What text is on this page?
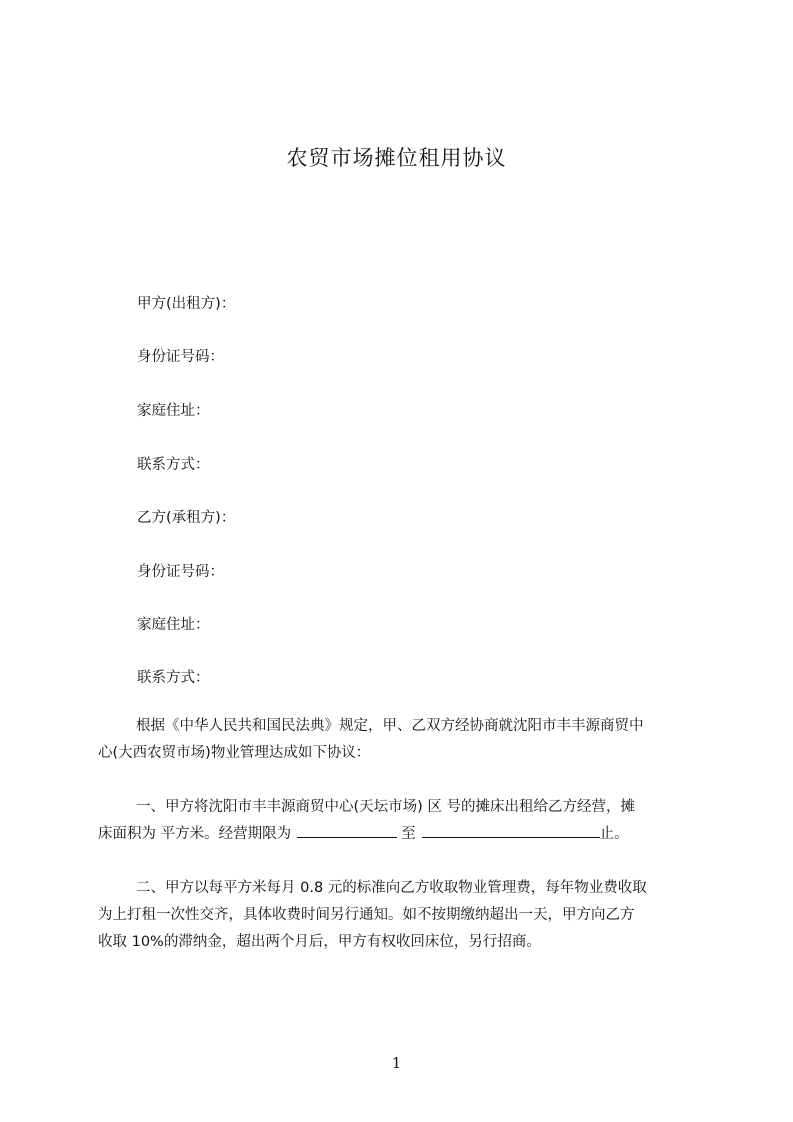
农贸市场摊位租用协议
甲方(出租方)：
身份证号码：
家庭住址：
联系方式：
乙方(承租方)：
身份证号码：
家庭住址：
联系方式：

根据《中华人民共和国民法典》规定，甲、乙双方经协商就沈阳市丰丰源商贸中

心(大西农贸市场)物业管理达成如下协议：

一、甲方将沈阳市丰丰源商贸中心(天坛市场) 区 号的摊床出租给乙方经营，摊

床面积为 平方米。经营期限为	至	止。

二、甲方以每平方米每月 0.8 元的标准向乙方收取物业管理费，每年物业费收取

为上打租一次性交齐，具体收费时间另行通知。如不按期缴纳超出一天，甲方向乙方

收取 10%的滞纳金，超出两个月后，甲方有权收回床位，另行招商。

1
